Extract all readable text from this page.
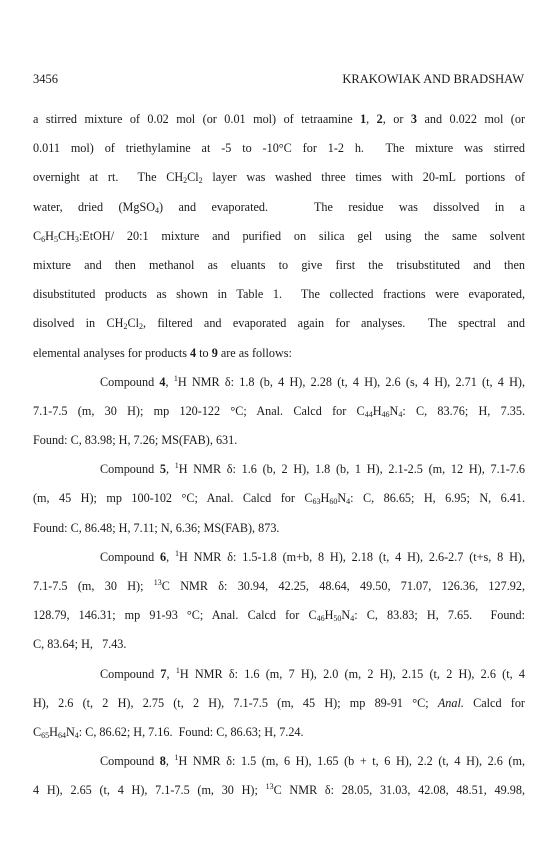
3456	KRAKOWIAK AND BRADSHAW
a stirred mixture of 0.02 mol (or 0.01 mol) of tetraamine 1, 2, or 3 and 0.022 mol (or
0.011 mol) of triethylamine at -5 to -10°C for 1-2 h.  The mixture was stirred
overnight at rt.  The $CH_2Cl_2$ layer was washed three times with 20-mL portions of
water, dried (MgSO$_4$) and evaporated.   The residue was dissolved in a
$C_6H_5CH_3:EtOH/$ 20:1 mixture and purified on silica gel using the same solvent
mixture and then methanol as eluants to give first the trisubstituted and then
disubstituted products as shown in Table 1.  The collected fractions were evaporated,
disolved in $CH_2Cl_2$, filtered and evaporated again for analyses.  The spectral and
elemental analyses for products 4 to 9 are as follows:
Compound 4, $^1$H NMR δ: 1.8 (b, 4 H), 2.28 (t, 4 H), 2.6 (s, 4 H), 2.71 (t, 4 H),
7.1-7.5 (m, 30 H); mp 120-122 °C; Anal. Calcd for $C_{44}H_{46}N_4$: C, 83.76; H, 7.35.
Found: C, 83.98; H, 7.26; MS(FAB), 631.
Compound 5, $^1$H NMR δ: 1.6 (b, 2 H), 1.8 (b, 1 H), 2.1-2.5 (m, 12 H), 7.1-7.6
(m, 45 H); mp 100-102 °C; Anal. Calcd for $C_{63}H_{60}N_4$: C, 86.65; H, 6.95; N, 6.41.
Found: C, 86.48; H, 7.11; N, 6.36; MS(FAB), 873.
Compound 6, $^1$H NMR δ: 1.5-1.8 (m+b, 8 H), 2.18 (t, 4 H), 2.6-2.7 (t+s, 8 H),
7.1-7.5 (m, 30 H); $^{13}$C NMR δ: 30.94, 42.25, 48.64, 49.50, 71.07, 126.36, 127.92,
128.79, 146.31; mp 91-93 °C; Anal. Calcd for $C_{46}H_{50}N_4$: C, 83.83; H, 7.65.  Found:
C, 83.64; H,   7.43.
Compound 7, $^1$H NMR δ: 1.6 (m, 7 H), 2.0 (m, 2 H), 2.15 (t, 2 H), 2.6 (t, 4
H), 2.6 (t, 2 H), 2.75 (t, 2 H), 7.1-7.5 (m, 45 H); mp 89-91 °C; Anal. Calcd for
$C_{65}H_{64}N_4$: C, 86.62; H, 7.16.  Found: C, 86.63; H, 7.24.
Compound 8, $^1$H NMR δ: 1.5 (m, 6 H), 1.65 (b + t, 6 H), 2.2 (t, 4 H), 2.6 (m,
4 H), 2.65 (t, 4 H), 7.1-7.5 (m, 30 H); $^{13}$C NMR δ: 28.05, 31.03, 42.08, 48.51, 49.98,
